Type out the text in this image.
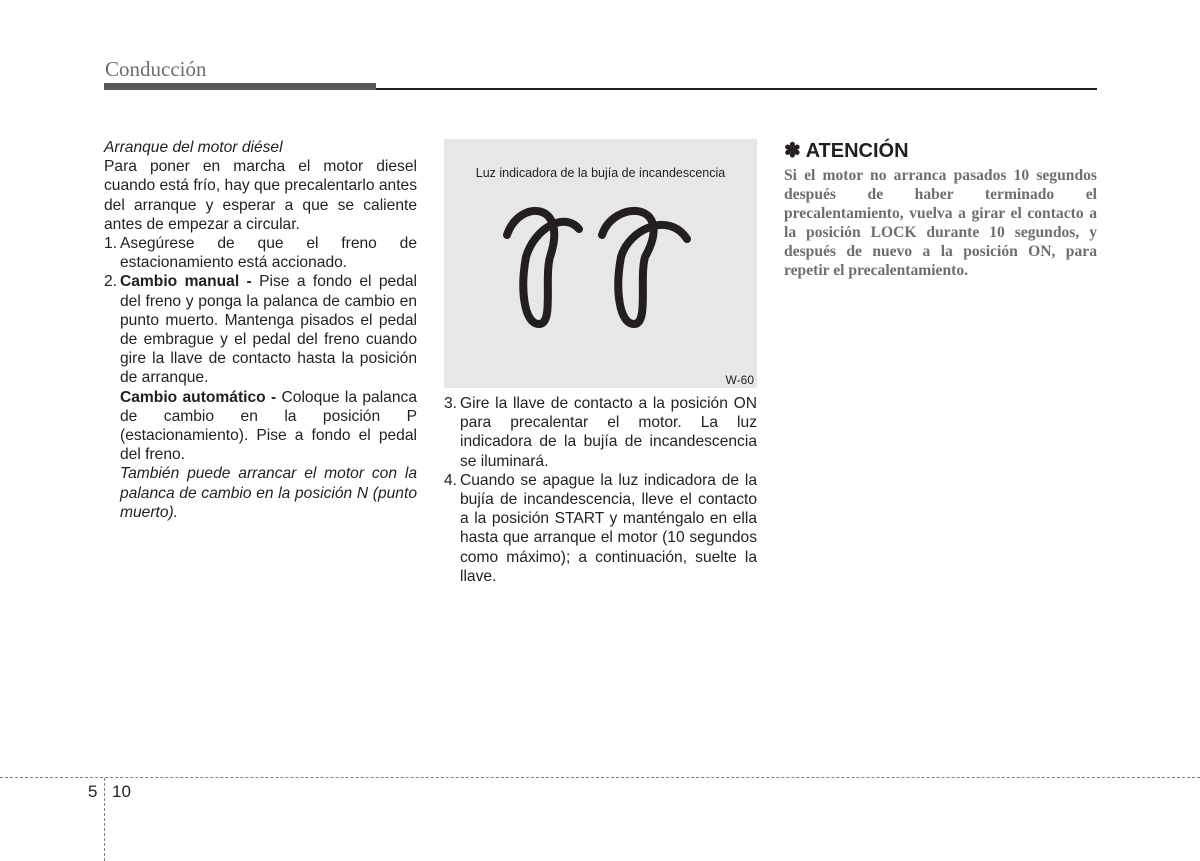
Conducción

Arranque del motor diésel

Para poner en marcha el motor diesel cuando está frío, hay que precalentarlo antes del arranque y esperar a que se caliente antes de empezar a circular.

1. Asegúrese de que el freno de estacionamiento está accionado.

2. Cambio manual - Pise a fondo el pedal del freno y ponga la palanca de cambio en punto muerto. Mantenga pisados el pedal de embrague y el pedal del freno cuando gire la llave de contacto hasta la posición de arranque.

Cambio automático - Coloque la palanca de cambio en la posición P (estacionamiento). Pise a fondo el pedal del freno.

También puede arrancar el motor con la palanca de cambio en la posición N (punto muerto).

Luz indicadora de la bujía de incandescencia
W-60
3. Gire la llave de contacto a la posición ON para precalentar el motor. La luz indicadora de la bujía de incandescencia se iluminará.

4. Cuando se apague la luz indicadora de la bujía de incandescencia, lleve el contacto a la posición START y manténgalo en ella hasta que arranque el motor (10 segundos como máximo); a continuación, suelte la llave.

✽ ATENCIÓN

Si el motor no arranca pasados 10 segundos después de haber terminado el precalentamiento, vuelva a girar el contacto a la posición LOCK durante 10 segundos, y después de nuevo a la posición ON, para repetir el precalentamiento.

5 10
